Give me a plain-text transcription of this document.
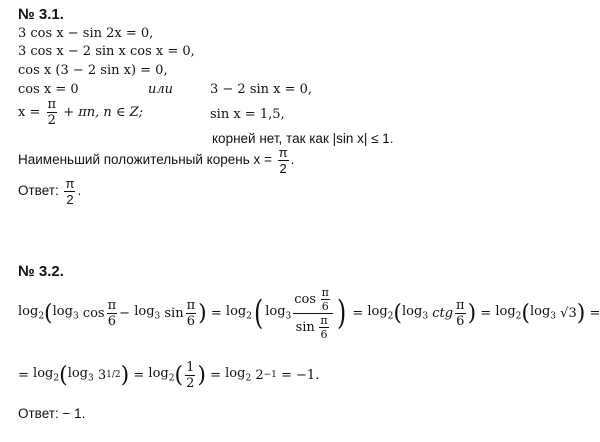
№ 3.1.
3 cos x − sin 2x = 0,
3 cos x − 2 sin x cos x = 0,
cos x (3 − 2 sin x) = 0,
cos x = 0	или	3 − 2 sin x = 0,
$x = \frac{\pi}{2} + \pi n$, n ∈ Z;	sin x = 1,5,
корней нет, так как |sin x| ≤ 1.
Наименьший положительный корень $x = \frac{\pi}{2}$ .
Ответ: $\frac{\pi}{2}$ .
№ 3.2.
$\log_2$ ( $\log_3$
$\cos \frac{\pi}{6}$ −
$\log_3$
$\sin \frac{\pi}{6}$ )
=
$\log_2$ ( $\log_3 \frac{\cos \frac{\pi}{6}}{\sin \frac{\pi}{6}}$ )
=
$\log_2$ ( $\log_3$
ctg $\frac{\pi}{6}$ )
=
$\log_2$ ( $\log_3$
√3 )
=
=
$\log_2$ ( $\log_3$
3 1/2 )
=
$\log_2$ ( $\frac{1}{2}$ )
=
$\log_2$
2 −1
= −1.
Ответ: − 1.
